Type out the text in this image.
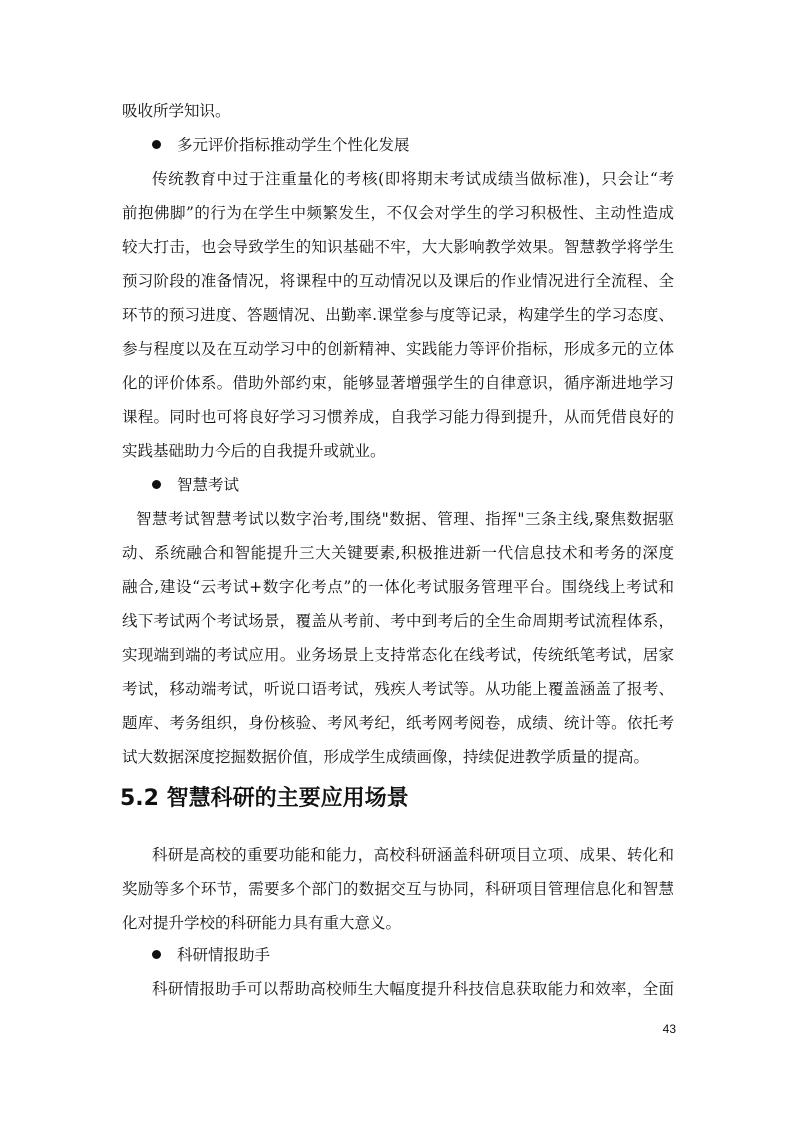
吸收所学知识。
多元评价指标推动学生个性化发展
传统教育中过于注重量化的考核(即将期末考试成绩当做标准)，只会让“考
前抱佛脚”的行为在学生中频繁发生，不仅会对学生的学习积极性、主动性造成
较大打击，也会导致学生的知识基础不牢，大大影响教学效果。智慧教学将学生
预习阶段的准备情况，将课程中的互动情况以及课后的作业情况进行全流程、全
环节的预习进度、答题情况、出勤率.课堂参与度等记录，构建学生的学习态度、
参与程度以及在互动学习中的创新精神、实践能力等评价指标，形成多元的立体
化的评价体系。借助外部约束，能够显著增强学生的自律意识，循序渐进地学习
课程。同时也可将良好学习习惯养成，自我学习能力得到提升，从而凭借良好的
实践基础助力今后的自我提升或就业。
智慧考试
智慧考试智慧考试以数字治考,围绕"数据、管理、指挥"三条主线,聚焦数据驱
动、系统融合和智能提升三大关键要素,积极推进新一代信息技术和考务的深度
融合,建设“云考试+数字化考点”的一体化考试服务管理平台。围绕线上考试和
线下考试两个考试场景，覆盖从考前、考中到考后的全生命周期考试流程体系，
实现端到端的考试应用。业务场景上支持常态化在线考试，传统纸笔考试，居家
考试，移动端考试，听说口语考试，残疾人考试等。从功能上覆盖涵盖了报考、
题库、考务组织，身份核验、考风考纪，纸考网考阅卷，成绩、统计等。依托考
试大数据深度挖掘数据价值，形成学生成绩画像，持续促进教学质量的提高。
5.2 智慧科研的主要应用场景
科研是高校的重要功能和能力，高校科研涵盖科研项目立项、成果、转化和
奖励等多个环节，需要多个部门的数据交互与协同，科研项目管理信息化和智慧
化对提升学校的科研能力具有重大意义。
科研情报助手
科研情报助手可以帮助高校师生大幅度提升科技信息获取能力和效率，全面
43
